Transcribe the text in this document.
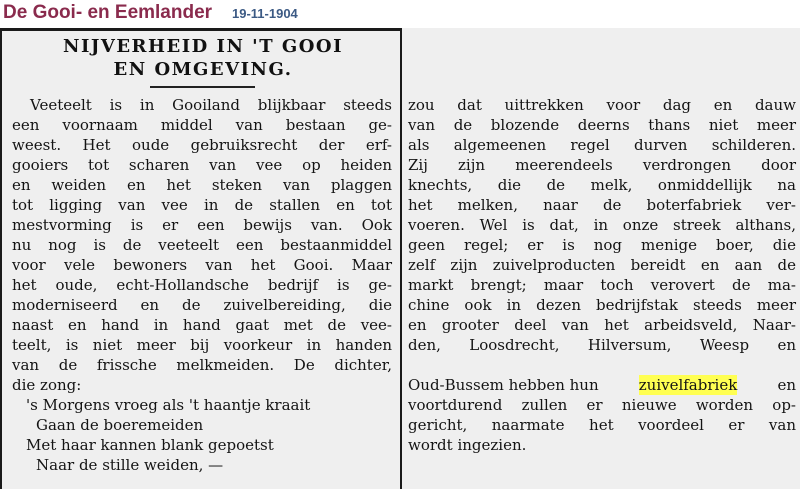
De Gooi- en Eemlander 19-11-1904
NIJVERHEID IN 'T GOOI
EN OMGEVING.
Veeteelt is in Gooiland blijkbaar steeds
een voornaam middel van bestaan ge-
weest. Het oude gebruiksrecht der erf-
gooiers tot scharen van vee op heiden
en weiden en het steken van plaggen
tot ligging van vee in de stallen en tot
mestvorming is er een bewijs van. Ook
nu nog is de veeteelt een bestaanmiddel
voor vele bewoners van het Gooi. Maar
het oude, echt-Hollandsche bedrijf is ge-
moderniseerd en de zuivelbereiding, die
naast en hand in hand gaat met de vee-
teelt, is niet meer bij voorkeur in handen
van de frissche melkmeiden. De dichter,
die zong:
's Morgens vroeg als 't haantje kraait
Gaan de boeremeiden
Met haar kannen blank gepoetst
Naar de stille weiden, —
zou dat uittrekken voor dag en dauw
van de blozende deerns thans niet meer
als algemeenen regel durven schilderen.
Zij zijn meerendeels verdrongen door
knechts, die de melk, onmiddellijk na
het melken, naar de boterfabriek ver-
voeren. Wel is dat, in onze streek althans,
geen regel; er is nog menige boer, die
zelf zijn zuivelproducten bereidt en aan de
markt brengt; maar toch verovert de ma-
chine ook in dezen bedrijfstak steeds meer
en grooter deel van het arbeidsveld, Naar-
den, Loosdrecht, Hilversum, Weesp en
Oud-Bussem hebben hun	zuivelfabriek	en
voortdurend zullen er nieuwe worden op-
gericht, naarmate het voordeel er van
wordt ingezien.
